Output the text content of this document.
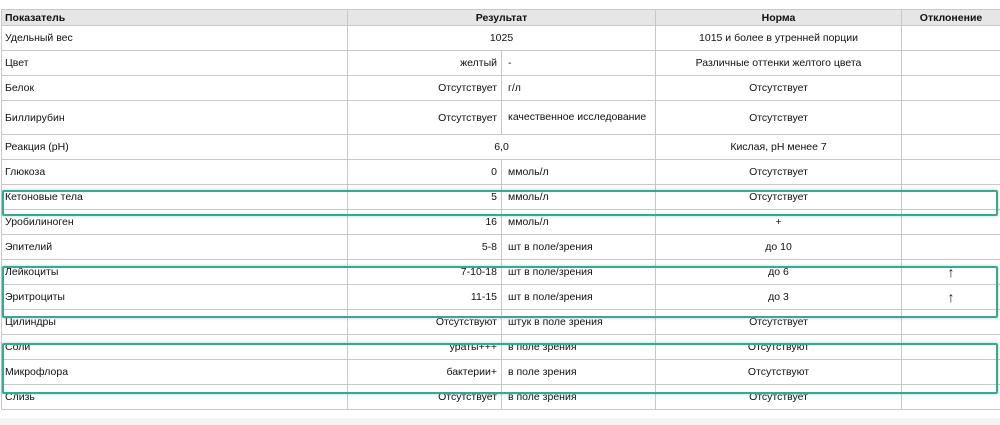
Показатель	Результат		Норма	Отклонение
Удельный вес	1025		1015 и более в утренней порции	
Цвет	желтый	-	Различные оттенки желтого цвета	
Белок	Отсутствует	г/л	Отсутствует	
Биллирубин	Отсутствует	качественное исследование	Отсутствует	
Реакция (pH)	6,0		Кислая, pH менее 7	
Глюкоза	0	ммоль/л	Отсутствует	
Кетоновые тела	5	ммоль/л	Отсутствует	
Уробилиноген	16	ммоль/л	+	
Эпителий	5-8	шт в поле/зрения	до 10	
Лейкоциты	7-10-18	шт в поле/зрения	до 6	↑
Эритроциты	11-15	шт в поле/зрения	до 3	↑
Цилиндры	Отсутствуют	штук в поле зрения	Отсутствует	
Соли	ураты+++	в поле зрения	Отсутствуют	
Микрофлора	бактерии+	в поле зрения	Отсутствуют	
Слизь	Отсутствует	в поле зрения	Отсутствует	
